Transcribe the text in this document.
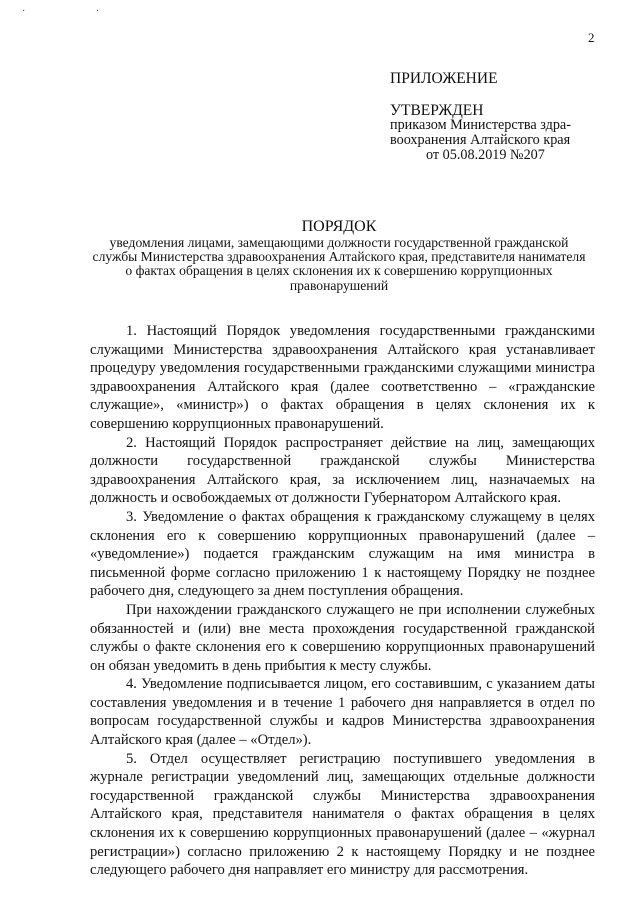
· ·
2
ПРИЛОЖЕНИЕ
УТВЕРЖДЕН
приказом Министерства здра-
воохранения Алтайского края
от 05.08.2019 №207
ПОРЯДОК
уведомления лицами, замещающими должности государственной гражданской службы Министерства здравоохранения Алтайского края, представителя нанимателя о фактах обращения в целях склонения их к совершению коррупционных правонарушений

1. Настоящий Порядок уведомления государственными гражданскими служащими Министерства здравоохранения Алтайского края устанавливает процедуру уведомления государственными гражданскими служащими министра здравоохранения Алтайского края (далее соответственно – «гражданские служащие», «министр») о фактах обращения в целях склонения их к совершению коррупционных правонарушений.

2. Настоящий Порядок распространяет действие на лиц, замещающих должности государственной гражданской службы Министерства здравоохранения Алтайского края, за исключением лиц, назначаемых на должность и освобождаемых от должности Губернатором Алтайского края.

3. Уведомление о фактах обращения к гражданскому служащему в целях склонения его к совершению коррупционных правонарушений (далее – «уведомление») подается гражданским служащим на имя министра в письменной форме согласно приложению 1 к настоящему Порядку не позднее рабочего дня, следующего за днем поступления обращения.

При нахождении гражданского служащего не при исполнении служебных обязанностей и (или) вне места прохождения государственной гражданской службы о факте склонения его к совершению коррупционных правонарушений он обязан уведомить в день прибытия к месту службы.

4. Уведомление подписывается лицом, его составившим, с указанием даты составления уведомления и в течение 1 рабочего дня направляется в отдел по вопросам государственной службы и кадров Министерства здравоохранения Алтайского края (далее – «Отдел»).

5. Отдел осуществляет регистрацию поступившего уведомления в журнале регистрации уведомлений лиц, замещающих отдельные должности государственной гражданской службы Министерства здравоохранения Алтайского края, представителя нанимателя о фактах обращения в целях склонения их к совершению коррупционных правонарушений (далее – «журнал регистрации») согласно приложению 2 к настоящему Порядку и не позднее следующего рабочего дня направляет его министру для рассмотрения.
